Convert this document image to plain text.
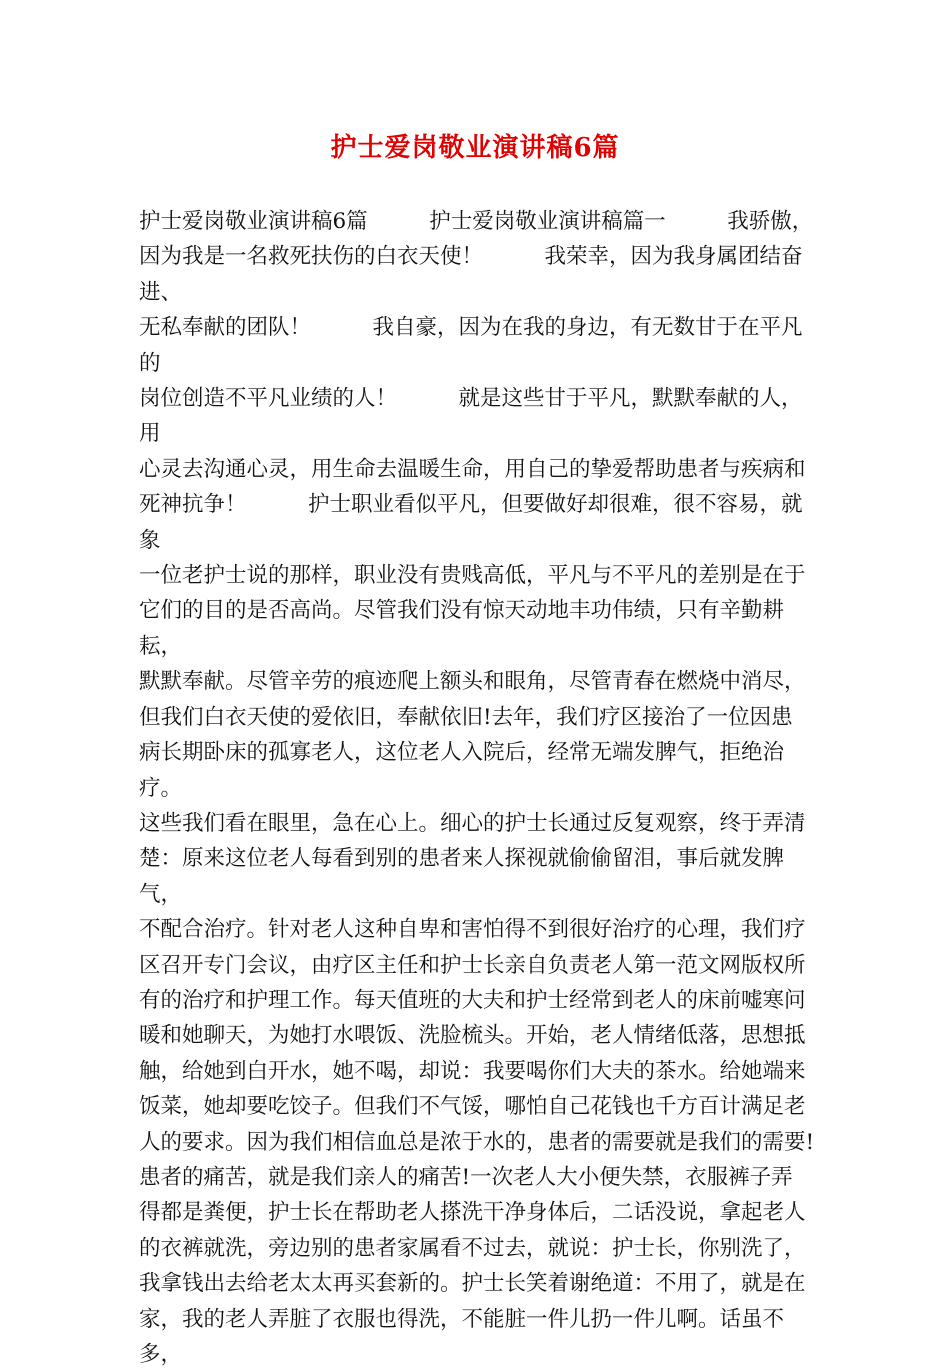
护士爱岗敬业演讲稿6篇

护士爱岗敬业演讲稿6篇         护士爱岗敬业演讲稿篇一         我骄傲，
因为我是一名救死扶伤的白衣天使！         我荣幸，因为我身属团结奋进、
无私奉献的团队！         我自豪，因为在我的身边，有无数甘于在平凡的
岗位创造不平凡业绩的人！         就是这些甘于平凡，默默奉献的人，用
心灵去沟通心灵，用生命去温暖生命，用自己的挚爱帮助患者与疾病和
死神抗争！         护士职业看似平凡，但要做好却很难，很不容易，就象
一位老护士说的那样，职业没有贵贱高低，平凡与不平凡的差别是在于
它们的目的是否高尚。尽管我们没有惊天动地丰功伟绩，只有辛勤耕耘，
默默奉献。尽管辛劳的痕迹爬上额头和眼角，尽管青春在燃烧中消尽，
但我们白衣天使的爱依旧，奉献依旧!去年，我们疗区接治了一位因患
病长期卧床的孤寡老人，这位老人入院后，经常无端发脾气，拒绝治疗。
这些我们看在眼里，急在心上。细心的护士长通过反复观察，终于弄清
楚：原来这位老人每看到别的患者来人探视就偷偷留泪，事后就发脾气，
不配合治疗。针对老人这种自卑和害怕得不到很好治疗的心理，我们疗
区召开专门会议，由疗区主任和护士长亲自负责老人第一范文网版权所
有的治疗和护理工作。每天值班的大夫和护士经常到老人的床前嘘寒问
暖和她聊天，为她打水喂饭、洗脸梳头。开始，老人情绪低落，思想抵
触，给她到白开水，她不喝，却说：我要喝你们大夫的茶水。给她端来
饭菜，她却要吃饺子。但我们不气馁，哪怕自己花钱也千方百计满足老
人的要求。因为我们相信血总是浓于水的，患者的需要就是我们的需要!
患者的痛苦，就是我们亲人的痛苦!一次老人大小便失禁，衣服裤子弄
得都是粪便，护士长在帮助老人搽洗干净身体后，二话没说，拿起老人
的衣裤就洗，旁边别的患者家属看不过去，就说：护士长，你别洗了，
我拿钱出去给老太太再买套新的。护士长笑着谢绝道：不用了，就是在
家，我的老人弄脏了衣服也得洗，不能脏一件儿扔一件儿啊。话虽不多，
